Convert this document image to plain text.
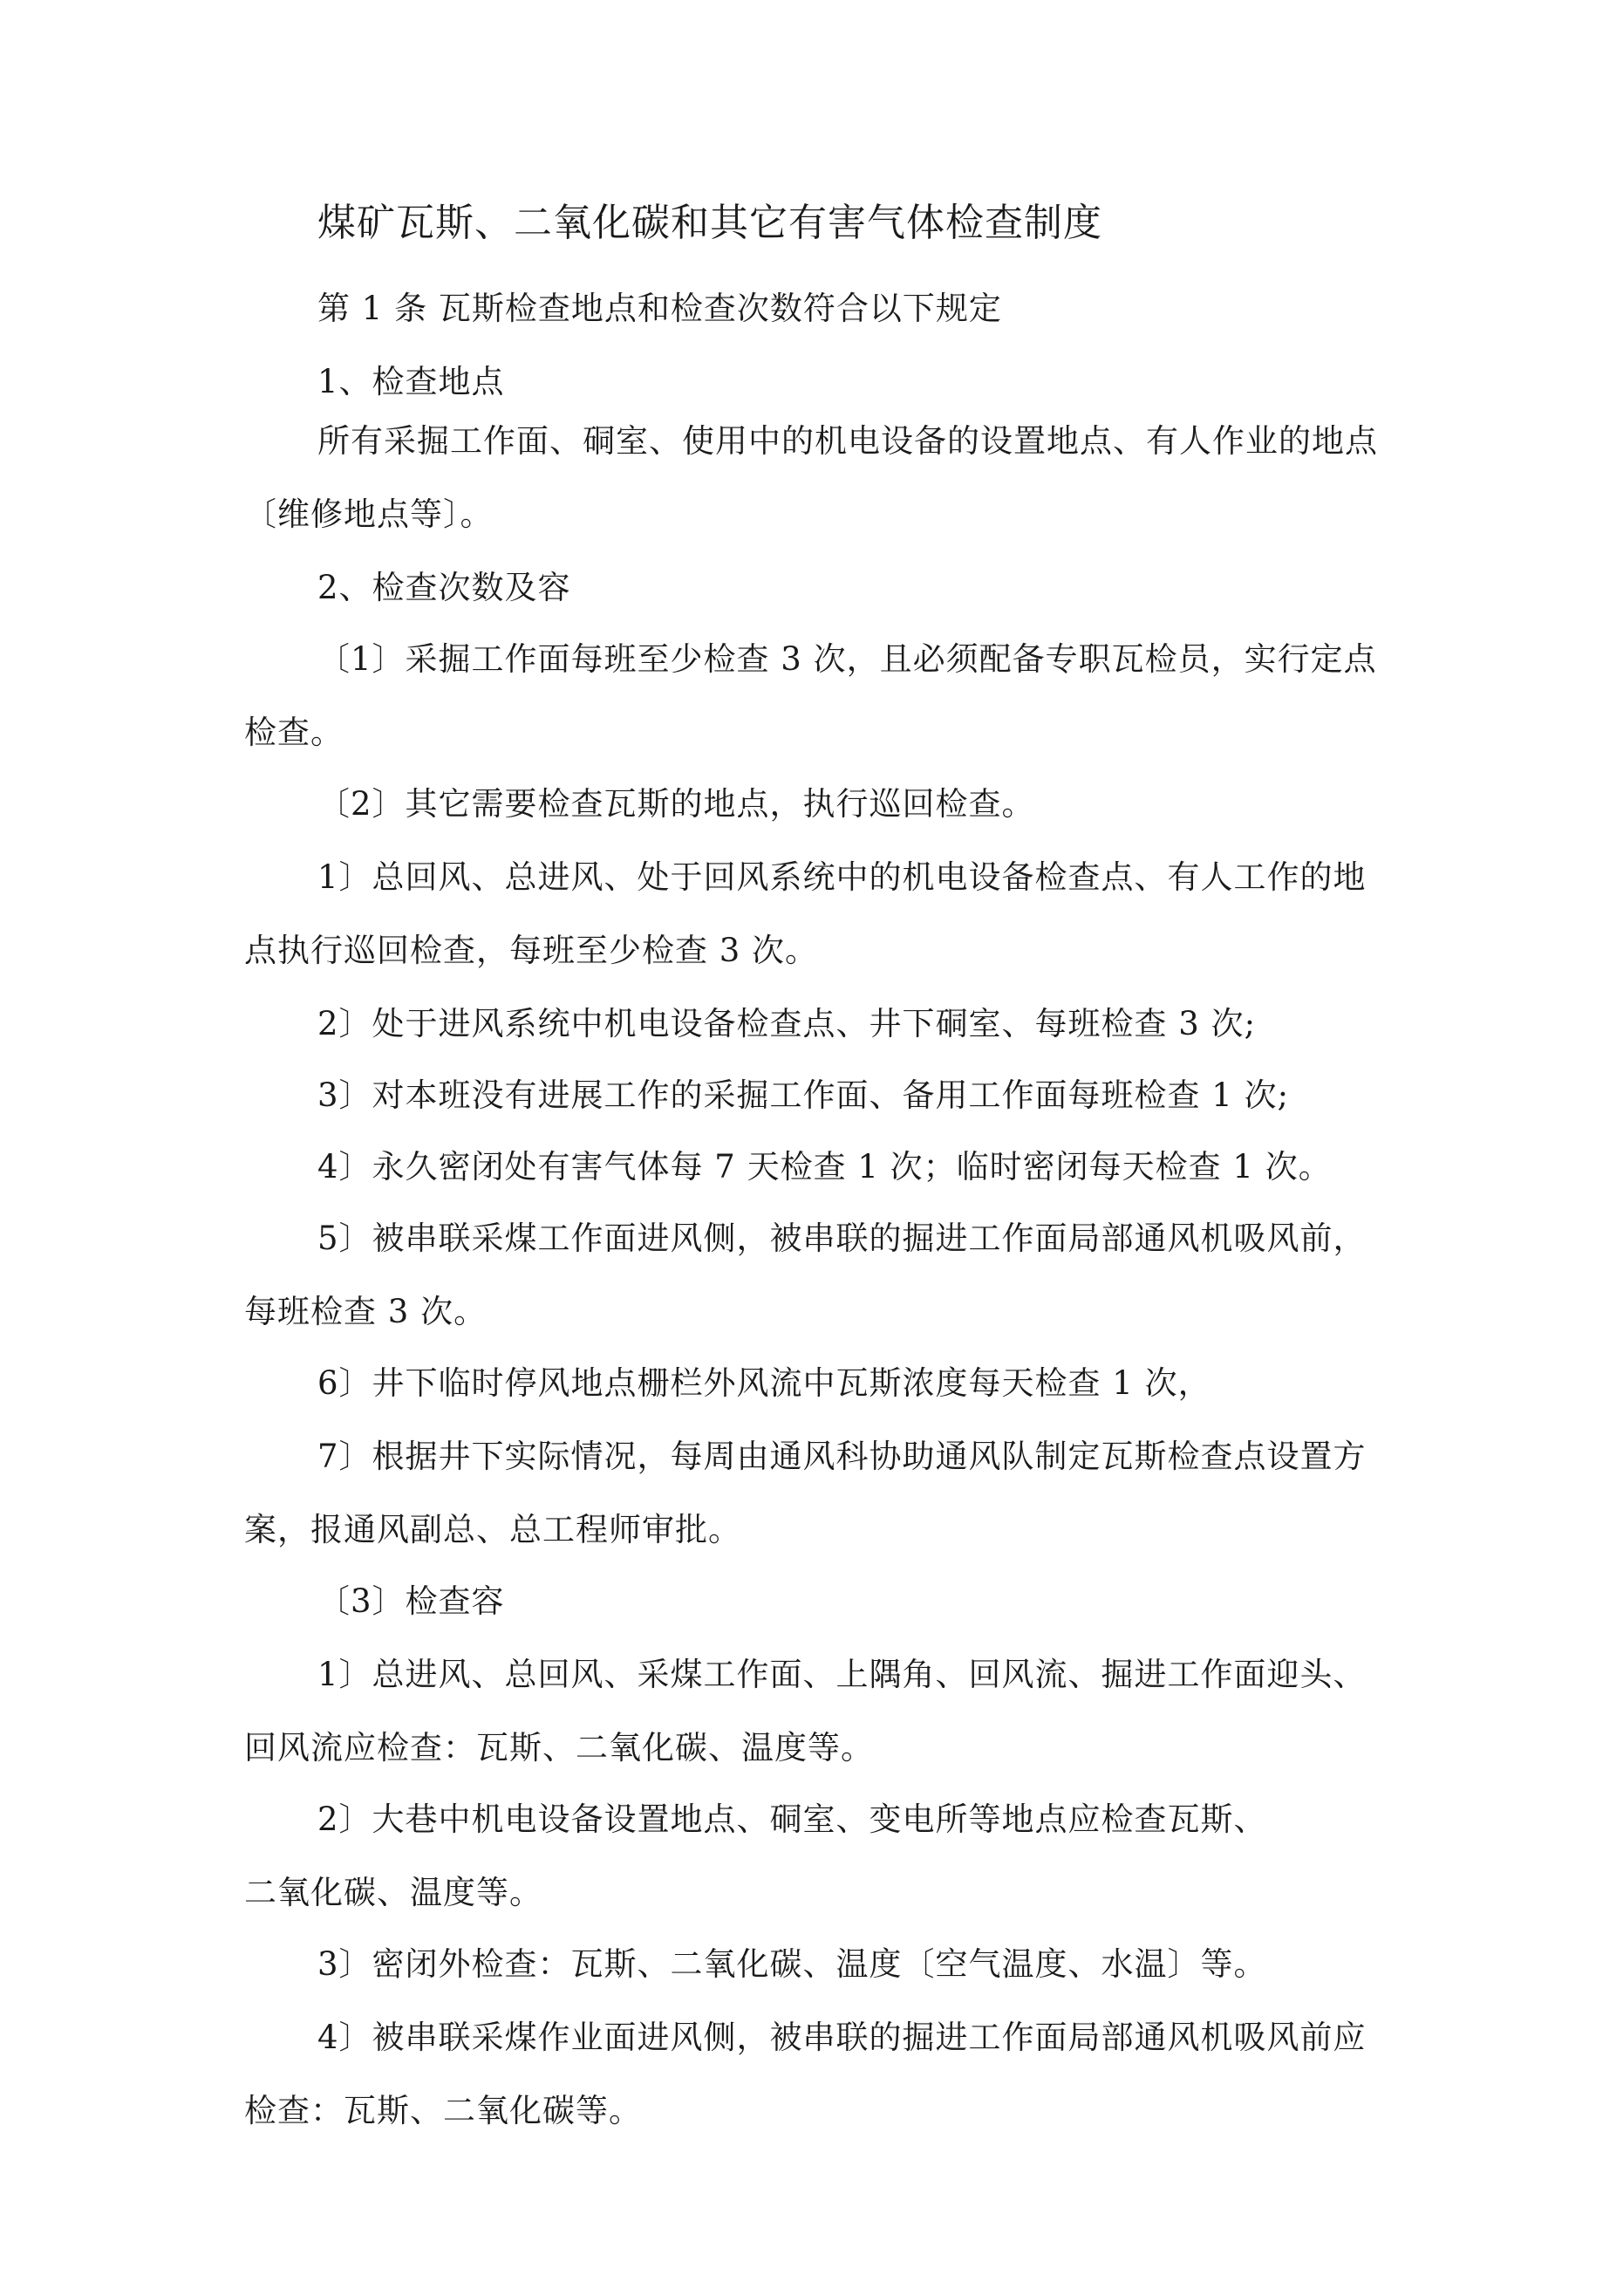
煤矿瓦斯、二氧化碳和其它有害气体检查制度

第 1 条 瓦斯检查地点和检查次数符合以下规定

1、检查地点

所有采掘工作面、硐室、使用中的机电设备的设置地点、有人作业的地点〔维修地点等〕。

2、检查次数及容

〔1〕采掘工作面每班至少检查 3 次，且必须配备专职瓦检员，实行定点检查。

〔2〕其它需要检查瓦斯的地点，执行巡回检查。

1〕总回风、总进风、处于回风系统中的机电设备检查点、有人工作的地点执行巡回检查，每班至少检查 3 次。

2〕处于进风系统中机电设备检查点、井下硐室、每班检查 3 次;

3〕对本班没有进展工作的采掘工作面、备用工作面每班检查 1 次;

4〕永久密闭处有害气体每 7 天检查 1 次；临时密闭每天检查 1 次。

5〕被串联采煤工作面进风侧，被串联的掘进工作面局部通风机吸风前，每班检查 3 次。

6〕井下临时停风地点栅栏外风流中瓦斯浓度每天检查 1 次，

7〕根据井下实际情况，每周由通风科协助通风队制定瓦斯检查点设置方案，报通风副总、总工程师审批。

〔3〕检查容

1〕总进风、总回风、采煤工作面、上隅角、回风流、掘进工作面迎头、回风流应检查：瓦斯、二氧化碳、温度等。

2〕大巷中机电设备设置地点、硐室、变电所等地点应检查瓦斯、

二氧化碳、温度等。

3〕密闭外检查：瓦斯、二氧化碳、温度〔空气温度、水温〕等。

4〕被串联采煤作业面进风侧，被串联的掘进工作面局部通风机吸风前应检查：瓦斯、二氧化碳等。
